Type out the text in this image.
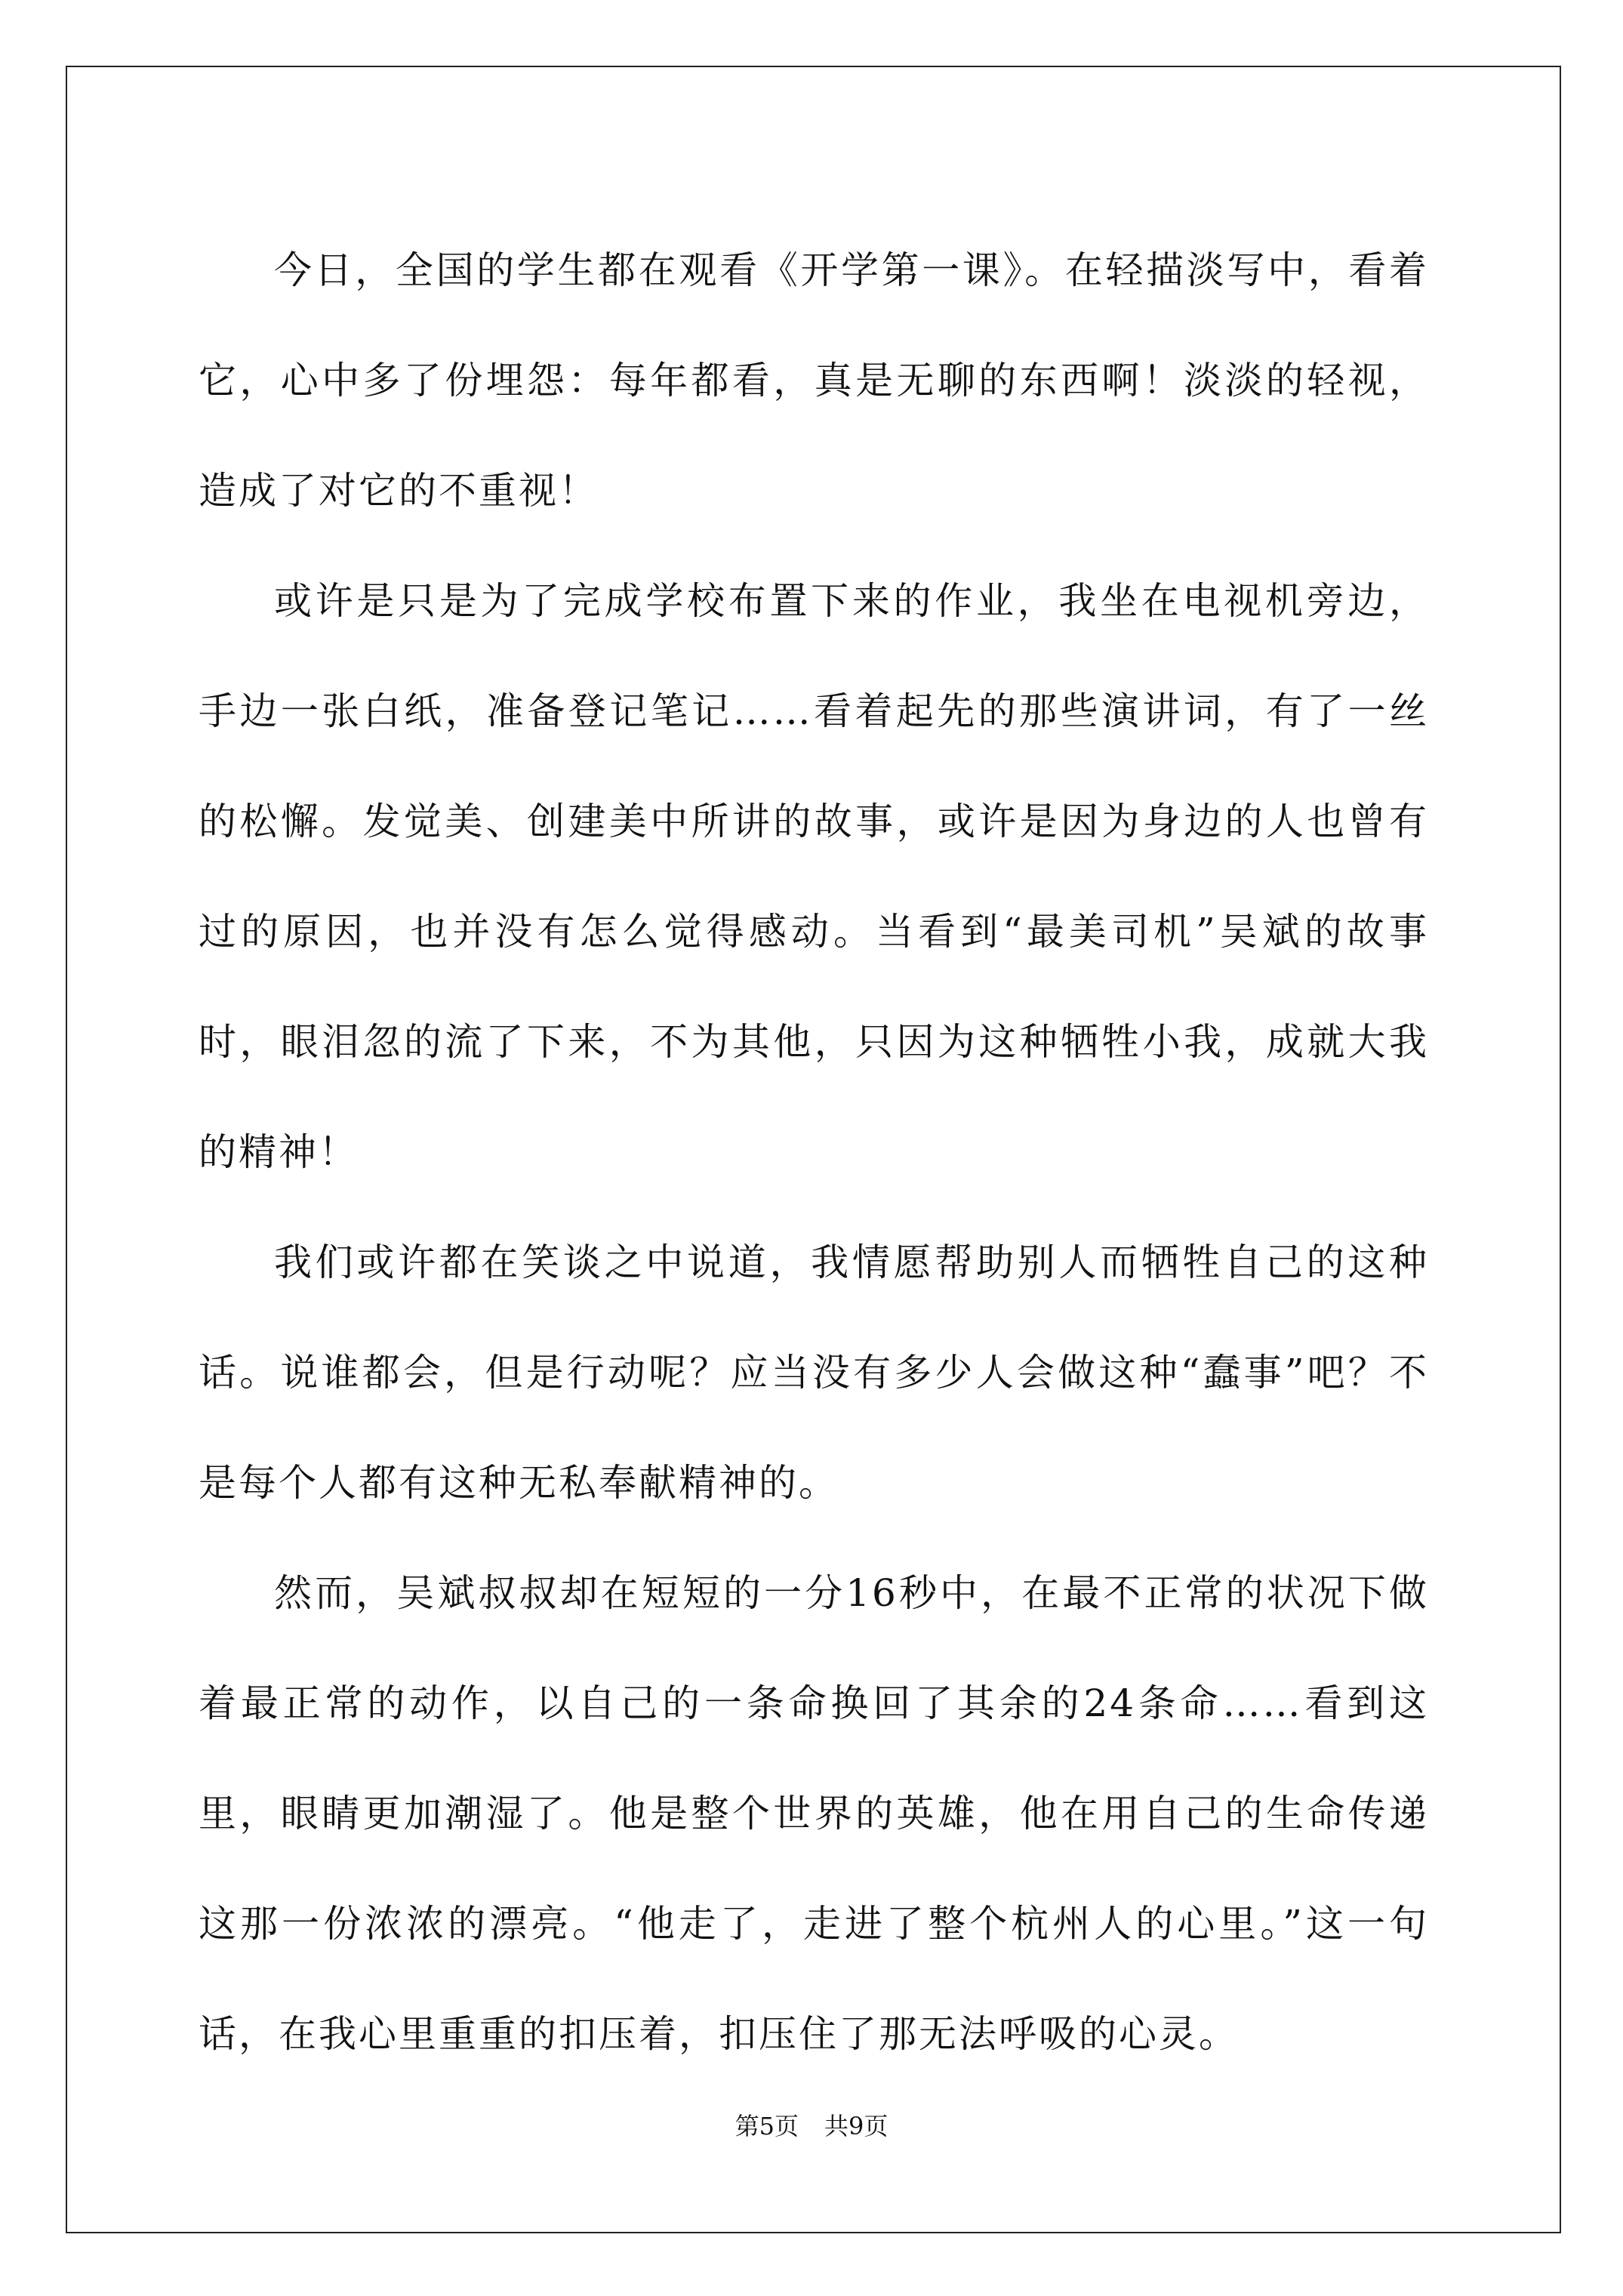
今日，全国的学生都在观看《开学第一课》。在轻描淡写中，看着它，心中多了份埋怨：每年都看，真是无聊的东西啊！淡淡的轻视，造成了对它的不重视！

或许是只是为了完成学校布置下来的作业，我坐在电视机旁边，手边一张白纸，准备登记笔记……看着起先的那些演讲词，有了一丝的松懈。发觉美、创建美中所讲的故事，或许是因为身边的人也曾有过的原因，也并没有怎么觉得感动。当看到“最美司机”吴斌的故事时，眼泪忽的流了下来，不为其他，只因为这种牺牲小我，成就大我的精神！

我们或许都在笑谈之中说道，我情愿帮助别人而牺牲自己的这种话。说谁都会，但是行动呢？应当没有多少人会做这种“蠢事”吧？不是每个人都有这种无私奉献精神的。

然而，吴斌叔叔却在短短的一分16秒中，在最不正常的状况下做着最正常的动作，以自己的一条命换回了其余的24条命……看到这里，眼睛更加潮湿了。他是整个世界的英雄，他在用自己的生命传递这那一份浓浓的漂亮。“他走了，走进了整个杭州人的心里。”这一句话，在我心里重重的扣压着，扣压住了那无法呼吸的心灵。

第5页 共9页
